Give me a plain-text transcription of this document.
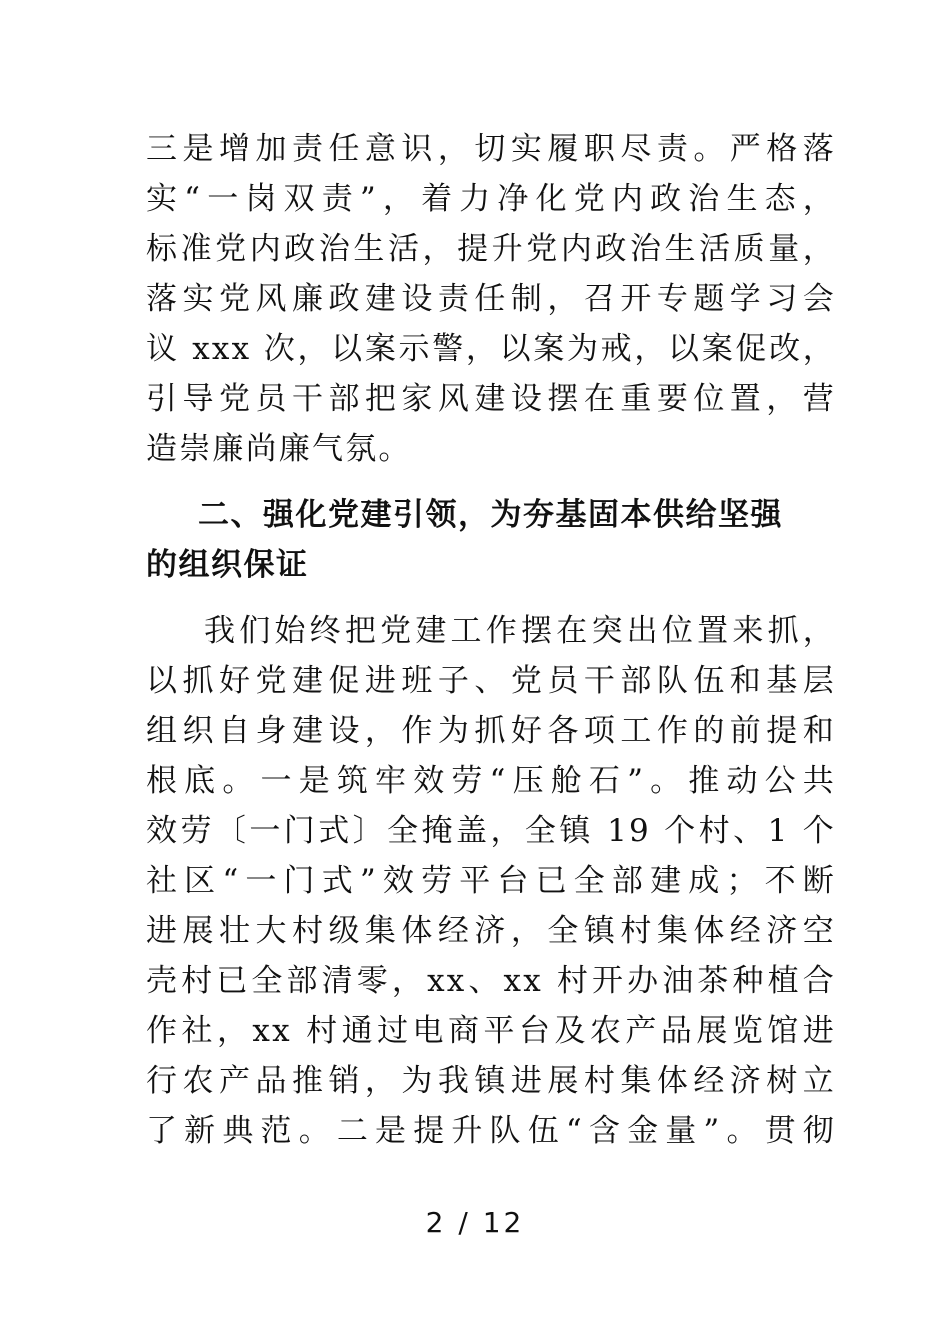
三是增加责任意识，切实履职尽责。严格落
实“一岗双责”，着力净化党内政治生态，
标准党内政治生活，提升党内政治生活质量，
落实党风廉政建设责任制，召开专题学习会
议 xxx 次，以案示警，以案为戒，以案促改，
引导党员干部把家风建设摆在重要位置，营
造崇廉尚廉气氛。
二、强化党建引领，为夯基固本供给坚强
的组织保证
我们始终把党建工作摆在突出位置来抓，
以抓好党建促进班子、党员干部队伍和基层
组织自身建设，作为抓好各项工作的前提和
根底。一是筑牢效劳“压舱石”。推动公共
效劳〔一门式〕全掩盖，全镇 19 个村、1 个
社区“一门式”效劳平台已全部建成；不断
进展壮大村级集体经济，全镇村集体经济空
壳村已全部清零，xx、xx 村开办油茶种植合
作社，xx 村通过电商平台及农产品展览馆进
行农产品推销，为我镇进展村集体经济树立
了新典范。二是提升队伍“含金量”。贯彻
2 / 12
